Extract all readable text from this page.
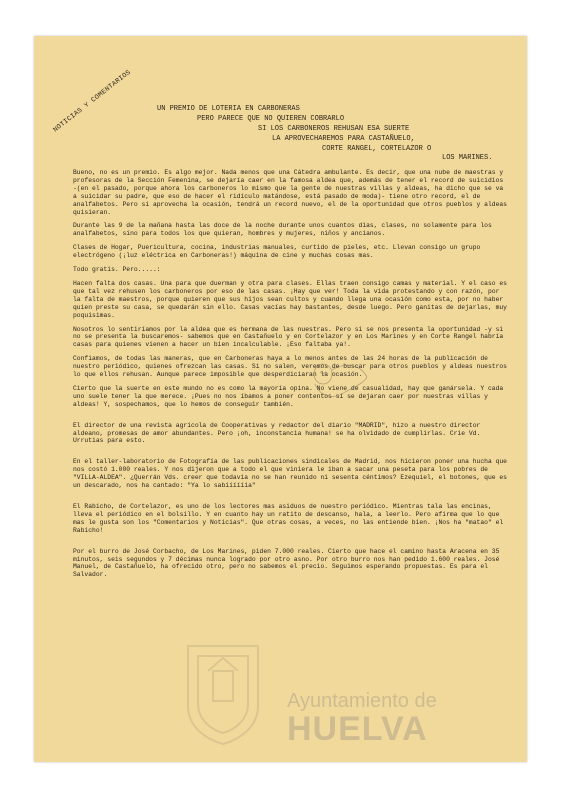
NOTICIAS Y COMENTARIOS	UN PREMIO DE LOTERIA EN CARBONERAS
PERO PARECE QUE NO QUIEREN COBRARLO
SI LOS CARBONEROS REHUSAN ESA SUERTE
LA APROVECHAREMOS PARA CASTAÑUELO,
CORTE RANGEL, CORTELAZOR O
LOS MARINES.

Bueno, no es un premio. Es algo mejor. Nada menos que una Cátedra ambulante. Es decir, que una nube de maestras y profesoras de la Sección Femenina, se dejaría caer en la famosa aldea que, además de tener el record de suicidios -(en el pasado, porque ahora los carboneros lo mismo que la gente de nuestras villas y aldeas, ha dicho que se va a suicidar su padre, que eso de hacer el ridículo matándose, está pasado de moda)- tiene otro record, el de analfabetos. Pero si aprovecha la ocasión, tendrá un record nuevo, el de la oportunidad que otros pueblos y aldeas quisieran.

Durante las 9 de la mañana hasta las doce de la noche durante unos cuantos días, clases, no solamente para los analfabetos, sino para todos los que quieran, hombres y mujeres, niños y ancianos.

Clases de Hogar, Puericultura, cocina, industrias manuales, curtido de pieles, etc. Llevan consigo un grupo electrógeno (¡luz eléctrica en Carboneras!) máquina de cine y muchas cosas mas.

Todo gratis. Pero.....:

Hacen falta dos casas. Una para que duerman y otra para clases. Ellas traen consigo camas y material. Y el caso es que tal vez rehusen los carboneros por eso de las casas. ¡Hay que ver! Toda la vida protestando y con razón, por la falta de maestros, porque quieren que sus hijos sean cultos y cuando llega una ocasión como esta, por no haber quien preste su casa, se quedarán sin ello. Casas vacías hay bastantes, desde luego. Pero ganitas de dejarlas, muy poquísimas.

Nosotros lo sentiríamos por la aldea que es hermana de las nuestras. Pero si se nos presenta la oportunidad -y si no se presenta la buscaremos- sabemos que en Castañuelo y en Cortelazor y en Los Marines y en Corte Rangel habría casas para quienes vienen a hacer un bien incalculable. ¡Eso faltaba ya!.

Confiamos, de todas las maneras, que en Carboneras haya a lo menos antes de las 24 horas de la publicación de nuestro periódico, quienes ofrezcan las casas. Si no salen, veremos de buscar para otros pueblos y aldeas nuestros lo que ellos rehusan. Aunque parece imposible que desperdiciaran la ocasión.

Cierto que la suerte en este mundo no es como la mayoría opina. No viene de casualidad, hay que ganársela. Y cada uno suele tener la que merece. ¡Pues no nos íbamos a poner contentos si se dejaran caer por nuestras villas y aldeas! Y, sospechamos, que lo hemos de conseguir también.

El director de una revista agrícola de Cooperativas y redactor del diario "MADRID", hizo a nuestro director aldeano, promesas de amor abundantes. Pero ¡oh, inconstancia humana! se ha olvidado de cumplirlas. Crie Vd. Urrutias para esto.

En el taller-laboratorio de Fotografía de las publicaciones sindicales de Madrid, nos hicieron poner una hucha que nos costó 1.000 reales. Y nos dijeron que a todo el que viniera le iban a sacar una peseta para los pobres de "VILLA-ALDEA". ¿Querrán Vds. creer que todavía no se han reunido ni sesenta céntimos? Ezequiel, el botones, que es un descarado, nos ha cantado: "Ya lo sabíííííía"

El Rabicho, de Cortelazor, es uno de los lectores mas asiduos de nuestro periódico. Mientras tala las encinas, lleva el periódico en el bolsillo. Y en cuanto hay un ratito de descanso, hala, a leerlo. Pero afirma que lo que mas le gusta son los "Comentarios y Noticias". Que otras cosas, a veces, no las entiende bien. ¡Nos ha "matao" el Rabicho!

Por el burro de José Corbacho, de Los Marines, piden 7.000 reales. Cierto que hace el camino hasta Aracena en 35 minutos, seis segundos y 7 décimas nunca logrado por otro asno. Por otro burro nos han pedido 1.600 reales. José Manuel, de Castañuelo, ha ofrecido otro, pero no sabemos el precio. Seguimos esperando propuestas. Es para el Salvador.

Ayuntamiento de
HUELVA
